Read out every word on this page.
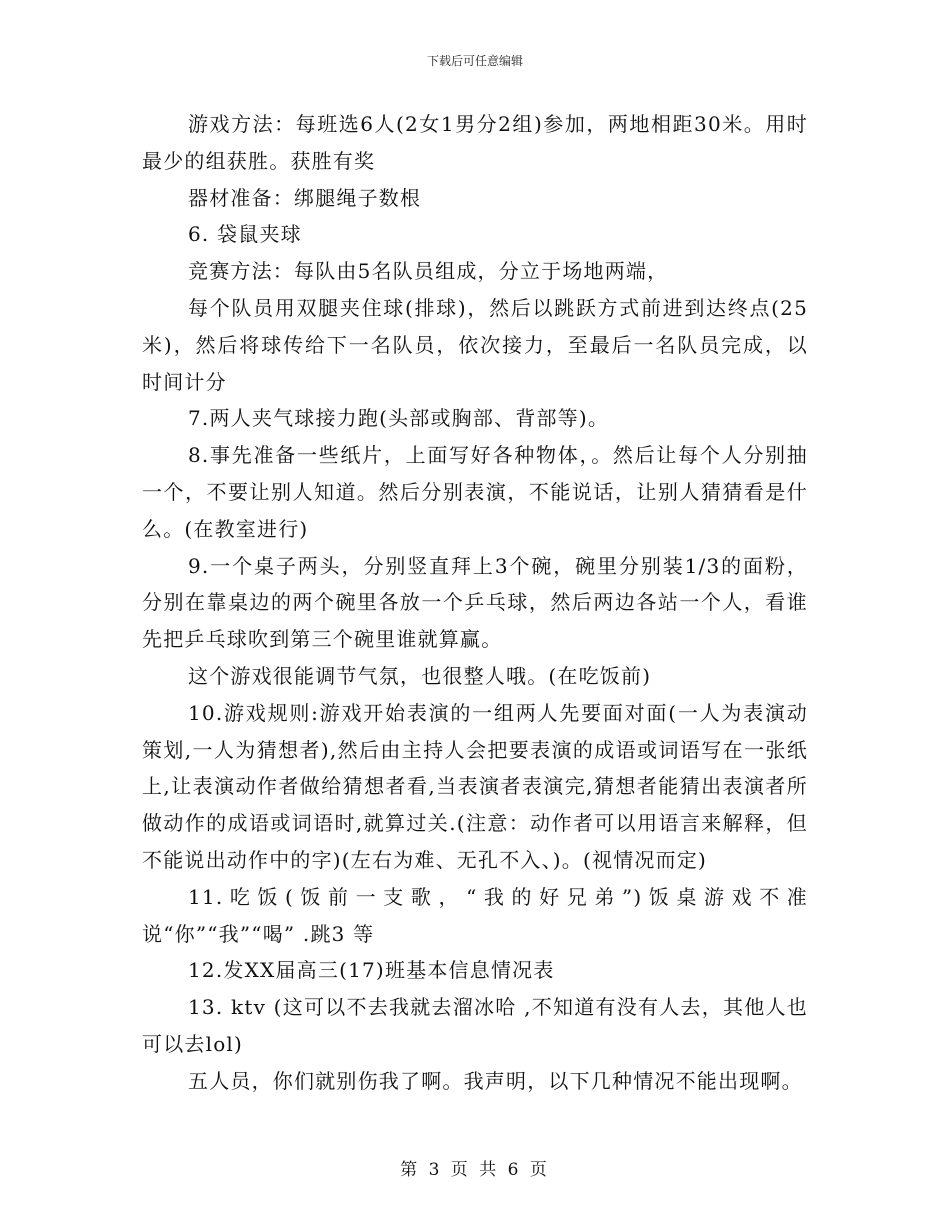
下载后可任意编辑

游戏方法：每班选6人(2女1男分2组)参加，两地相距30米。用时最少的组获胜。获胜有奖

器材准备：绑腿绳子数根

6. 袋鼠夹球

竞赛方法：每队由5名队员组成，分立于场地两端，

每个队员用双腿夹住球(排球)，然后以跳跃方式前进到达终点(25米)，然后将球传给下一名队员，依次接力，至最后一名队员完成，以时间计分

7.两人夹气球接力跑(头部或胸部、背部等)。

8.事先准备一些纸片，上面写好各种物体，。然后让每个人分别抽一个，不要让别人知道。然后分别表演，不能说话，让别人猜猜看是什么。(在教室进行)

9.一个桌子两头，分别竖直拜上3个碗，碗里分别装1/3的面粉，分别在靠桌边的两个碗里各放一个乒乓球，然后两边各站一个人，看谁先把乒乓球吹到第三个碗里谁就算赢。

这个游戏很能调节气氛，也很整人哦。(在吃饭前)

10.游戏规则:游戏开始表演的一组两人先要面对面(一人为表演动策划,一人为猜想者),然后由主持人会把要表演的成语或词语写在一张纸上,让表演动作者做给猜想者看,当表演者表演完,猜想者能猜出表演者所做动作的成语或词语时,就算过关.(注意：动作者可以用语言来解释，但不能说出动作中的字)(左右为难、无孔不入、)。(视情况而定)

11.吃饭(饭前一支歌，“我的好兄弟”)饭桌游戏不准说“你”“我”“喝” .跳3 等

12.发XX届高三(17)班基本信息情况表

13. ktv (这可以不去我就去溜冰哈 ,不知道有没有人去，其他人也可以去lol)

五人员，你们就别伤我了啊。我声明，以下几种情况不能出现啊。

第 3 页 共 6 页
